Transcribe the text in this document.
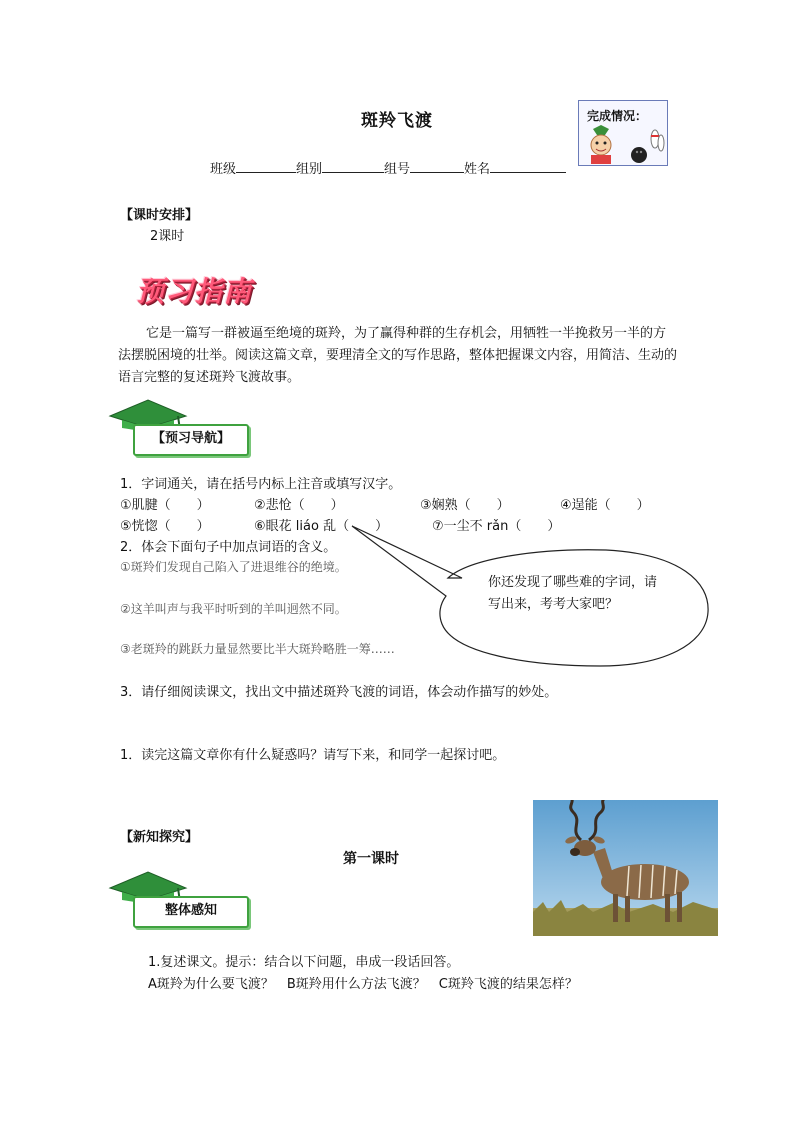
斑羚飞渡	完成情况：
班级	组别	组号	姓名
【课时安排】
2课时
预习指南
它是一篇写一群被逼至绝境的斑羚，为了赢得种群的生存机会，用牺牲一半挽救另一半的方法摆脱困境的壮举。阅读这篇文章，要理清全文的写作思路，整体把握课文内容，用简洁、生动的语言完整的复述斑羚飞渡故事。
【预习导航】
1．字词通关，请在括号内标上注音或填写汉字。
①肌腱（　　）	②悲怆（　　）	③娴熟（　　）	④逞能（　　）
⑤恍惚（　　）	⑥眼花 liáo 乱（　　）	⑦一尘不 rǎn（　　）
2．体会下面句子中加点词语的含义。
①斑羚们发现自己陷入了进退维谷的绝境。
②这羊叫声与我平时听到的羊叫迥然不同。
③老斑羚的跳跃力量显然要比半大斑羚略胜一筹……
3．请仔细阅读课文，找出文中描述斑羚飞渡的词语，体会动作描写的妙处。
1．读完这篇文章你有什么疑惑吗？请写下来，和同学一起探讨吧。
你还发现了哪些难的字词，请写出来，考考大家吧？
【新知探究】
第一课时
整体感知
1.复述课文。提示：结合以下问题，串成一段话回答。
A斑羚为什么要飞渡？　B斑羚用什么方法飞渡？　C斑羚飞渡的结果怎样？
